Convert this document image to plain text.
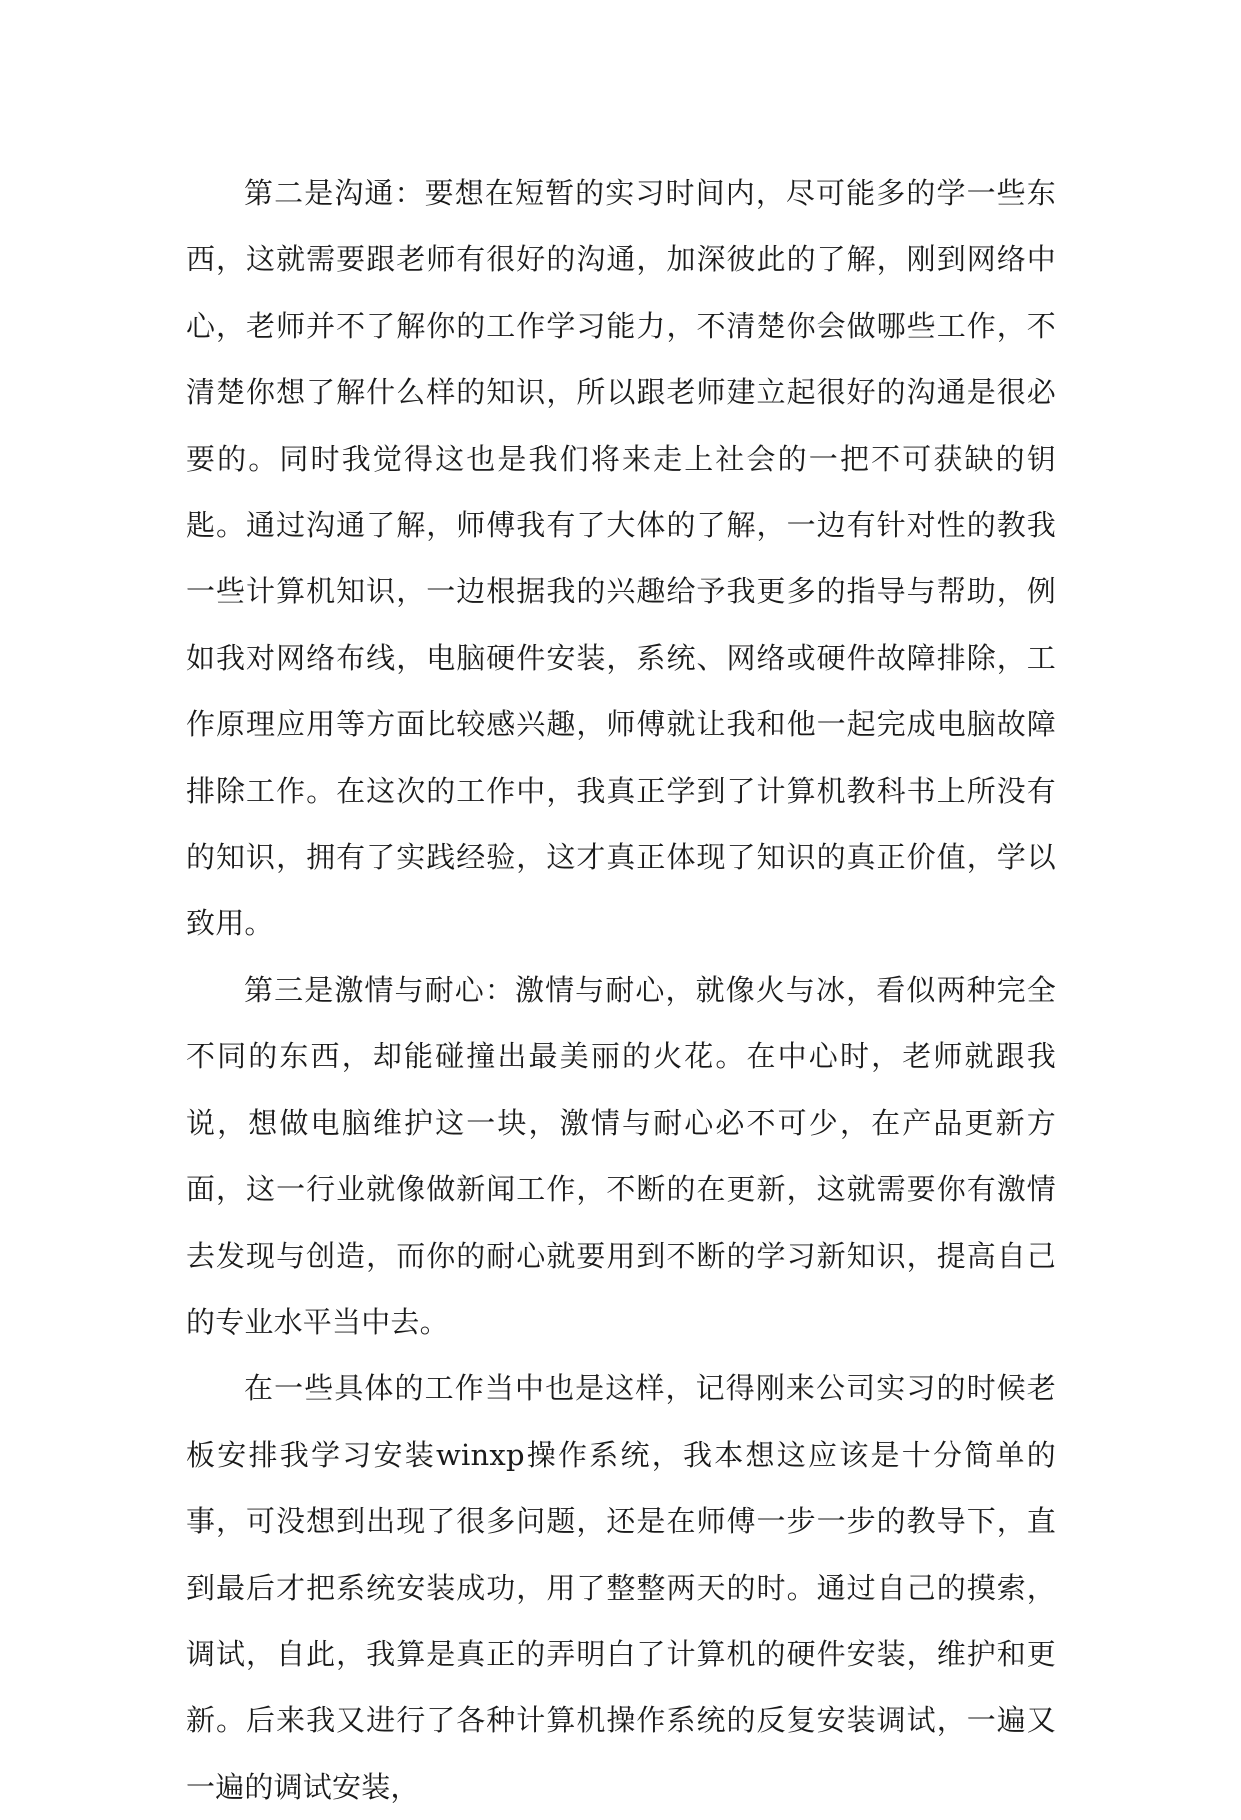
第二是沟通：要想在短暂的实习时间内，尽可能多的学一些东西，这就需要跟老师有很好的沟通，加深彼此的了解，刚到网络中心，老师并不了解你的工作学习能力，不清楚你会做哪些工作，不清楚你想了解什么样的知识，所以跟老师建立起很好的沟通是很必要的。同时我觉得这也是我们将来走上社会的一把不可获缺的钥匙。通过沟通了解，师傅我有了大体的了解，一边有针对性的教我一些计算机知识，一边根据我的兴趣给予我更多的指导与帮助，例如我对网络布线，电脑硬件安装，系统、网络或硬件故障排除，工作原理应用等方面比较感兴趣，师傅就让我和他一起完成电脑故障排除工作。在这次的工作中，我真正学到了计算机教科书上所没有的知识，拥有了实践经验，这才真正体现了知识的真正价值，学以致用。

第三是激情与耐心：激情与耐心，就像火与冰，看似两种完全不同的东西，却能碰撞出最美丽的火花。在中心时，老师就跟我说，想做电脑维护这一块，激情与耐心必不可少，在产品更新方面，这一行业就像做新闻工作，不断的在更新，这就需要你有激情去发现与创造，而你的耐心就要用到不断的学习新知识，提高自己的专业水平当中去。

在一些具体的工作当中也是这样，记得刚来公司实习的时候老板安排我学习安装winxp操作系统，我本想这应该是十分简单的事，可没想到出现了很多问题，还是在师傅一步一步的教导下，直到最后才把系统安装成功，用了整整两天的时。通过自己的摸索，调试，自此，我算是真正的弄明白了计算机的硬件安装，维护和更新。后来我又进行了各种计算机操作系统的反复安装调试，一遍又一遍的调试安装，
